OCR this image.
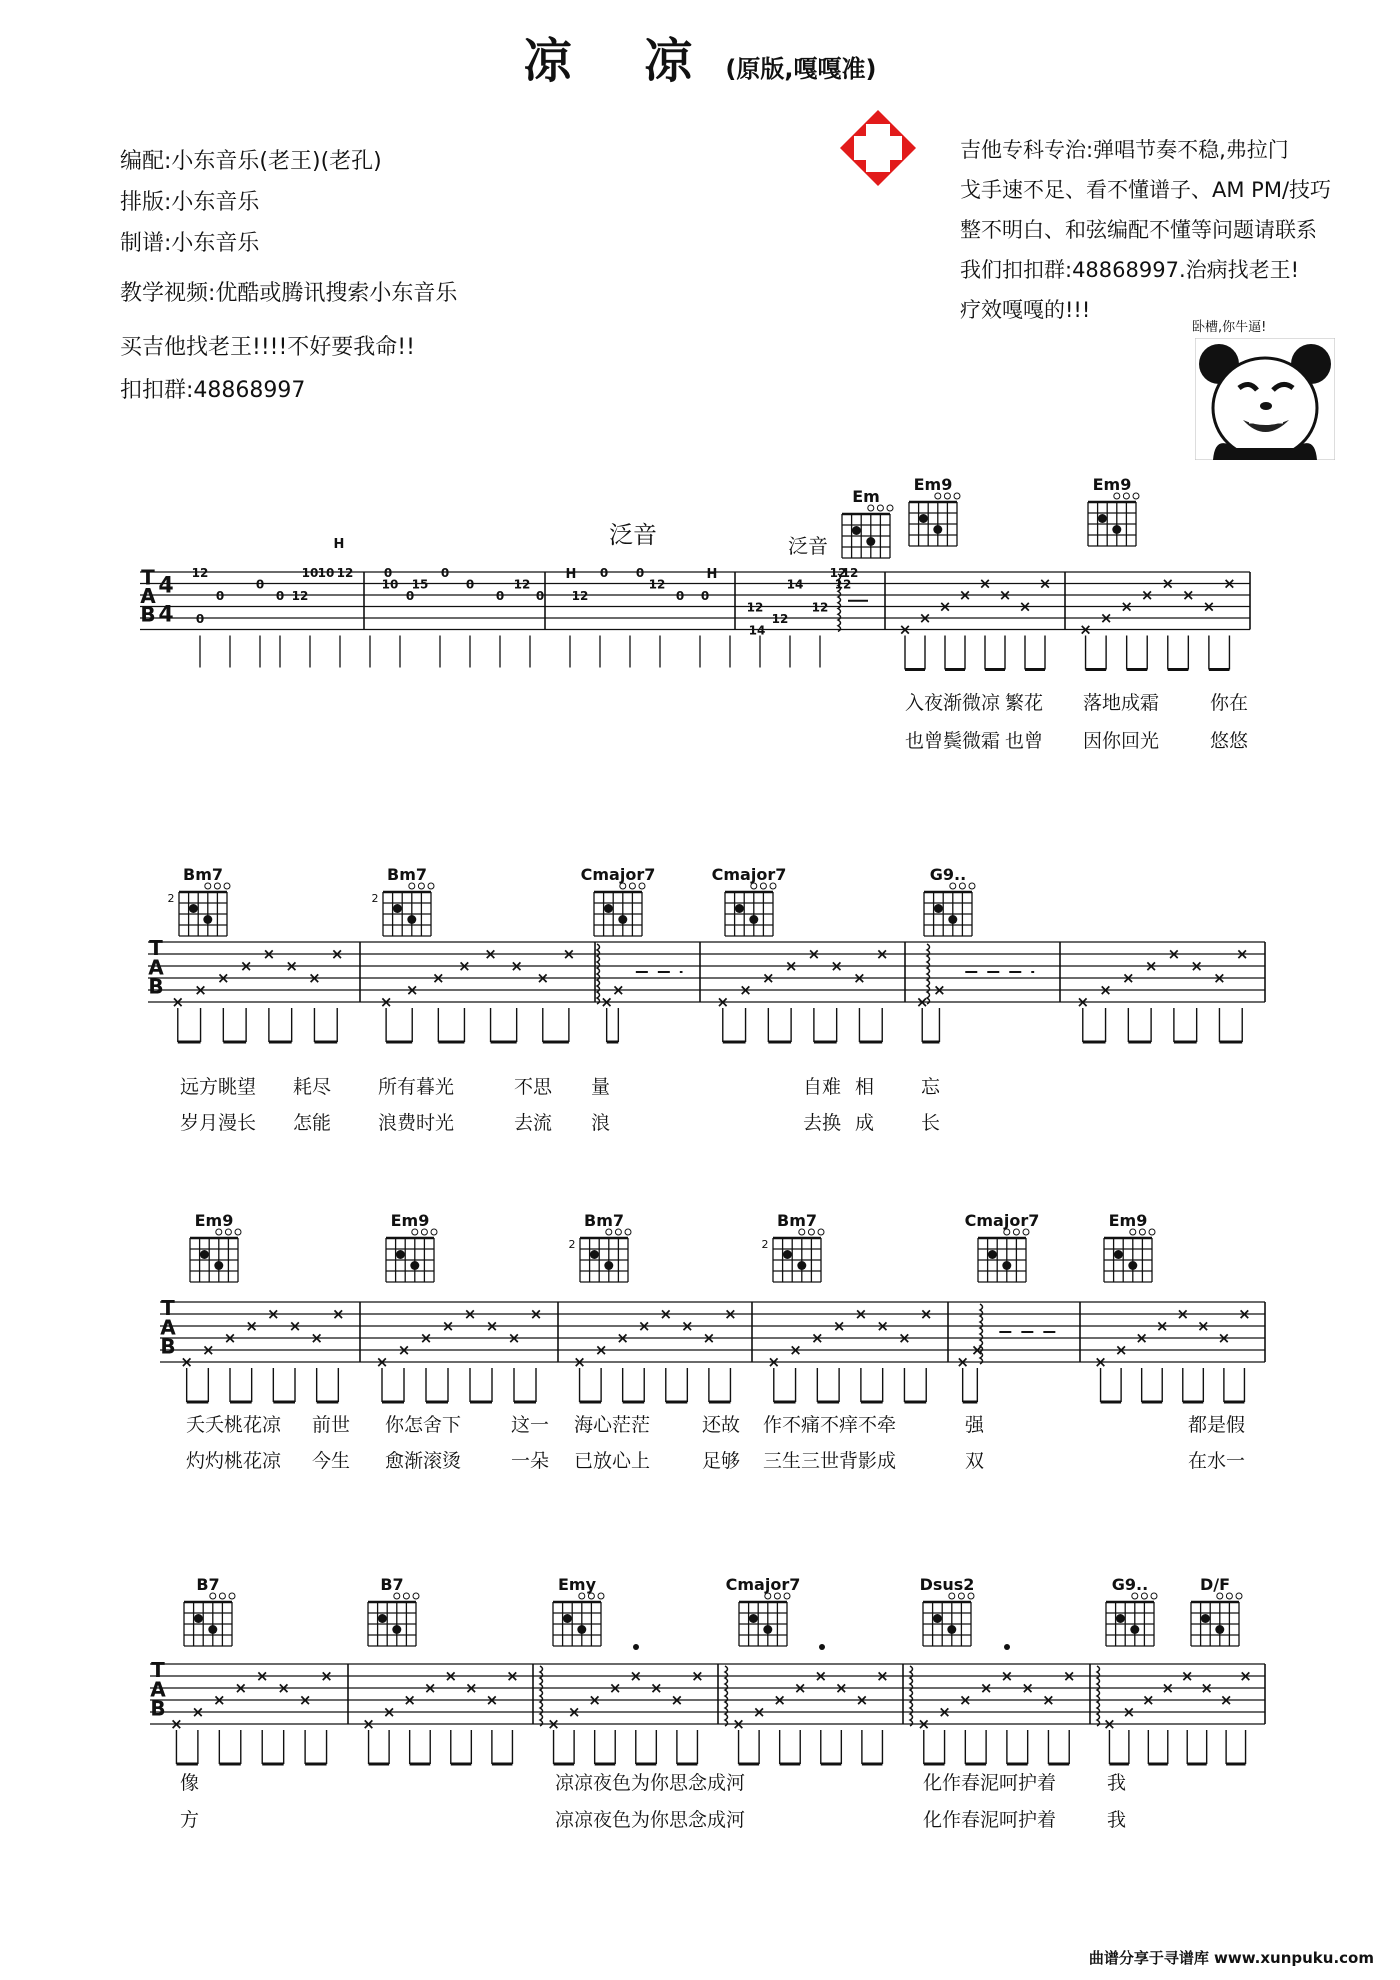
凉 凉 (原版,嘎嘎准)
编配:小东音乐(老王)(老孔)
排版:小东音乐
制谱:小东音乐
教学视频:优酷或腾讯搜索小东音乐
买吉他找老王!!!!不好要我命!!
扣扣群:48868997
吉他专科专治:弹唱节奏不稳,弗拉门
戈手速不足、看不懂谱子、AM PM/技巧
整不明白、和弦编配不懂等问题请联系
我们扣扣群:48868997.治病找老王!
疗效嘎嘎的!!!
卧槽,你牛逼!
T
A
B
4
4
泛音	泛音
H
H	H
12
0
0
0
0
10 10 12
12
10
0
0
0
0
12
0
0
15
12
0 0
12
0 0
12
12
14
14
12
12
12
12
×
×
×
×
×
×
×
×
×
×
×
×
×
×
×
×
Em
Em9	Em9
T
A
B
×
×
×
×
×
×
×
×
×
×
×
×
×
×
×
×
×
×
×
×
×
×
×
×
×
×
×
×
×
×
×
×
×
×
×
×
Bm7
2
Bm7
2
Cmajor7	Cmajor7	G9..
T
A
B
×
×
×
×
×
×
×
×
×
×
×
×
×
×
×
×
×
×
×
×
×
×
×
×
×
×
×
×
×
×
×
×
×
×
×
×
×
×
×
×
×
×
Em9	Em9	Bm7
2
Bm7
2
Cmajor7	Em9
T
A
B
×
×
×
×
×
×
×
×
×
×
×
×
×
×
×
×
×
×
×
×
×
×
×
×
×
×
×
×
×
×
×
×
×
×
×
×
×
×
×
×
×
×
×
×
×
×
×
×
B7	B7	Emy	Cmajor7	Dsus2	G9..	D/F
入夜渐微凉 繁花 落地成霜	你在
也曾鬓微霜 也曾 因你回光	悠悠
远方眺望 耗尽 所有暮光	不思 量	自难 相 忘
岁月漫长 怎能 浪费时光	去流 浪	去换 成 长
夭夭桃花凉 前世 你怎舍下	这一 海心茫茫	还故 作不痛不痒不牵	强	都是假
灼灼桃花凉 今生 愈渐滚烫	一朵 已放心上	足够 三生三世背影成	双	在水一
像	凉凉夜色为你思念成河	化作春泥呵护着	我
方	凉凉夜色为你思念成河	化作春泥呵护着	我
曲谱分享于寻谱库 www.xunpuku.com
